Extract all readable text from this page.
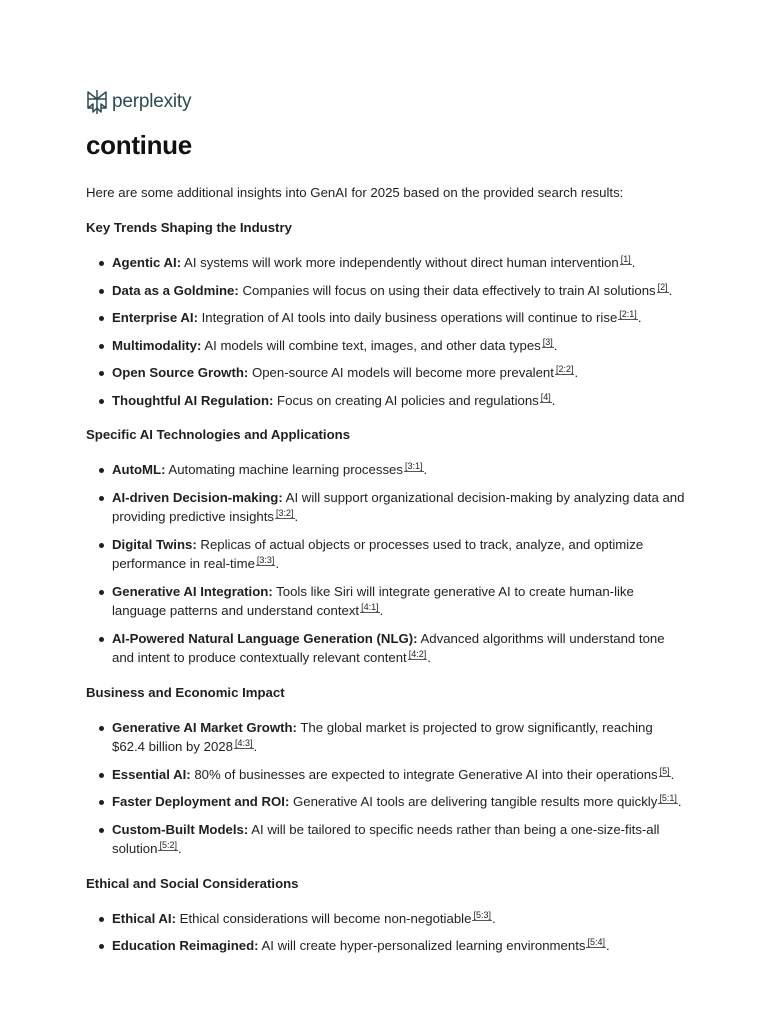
perplexity
continue

Here are some additional insights into GenAI for 2025 based on the provided search results:

Key Trends Shaping the Industry
Agentic AI: AI systems will work more independently without direct human intervention [1].
Data as a Goldmine: Companies will focus on using their data effectively to train AI solutions [2].
Enterprise AI: Integration of AI tools into daily business operations will continue to rise [2:1].
Multimodality: AI models will combine text, images, and other data types [3].
Open Source Growth: Open-source AI models will become more prevalent [2:2].
Thoughtful AI Regulation: Focus on creating AI policies and regulations [4].
Specific AI Technologies and Applications
AutoML: Automating machine learning processes [3:1].
AI-driven Decision-making: AI will support organizational decision-making by analyzing data and providing predictive insights [3:2].
Digital Twins: Replicas of actual objects or processes used to track, analyze, and optimize performance in real-time [3:3].
Generative AI Integration: Tools like Siri will integrate generative AI to create human-like language patterns and understand context [4:1].
AI-Powered Natural Language Generation (NLG): Advanced algorithms will understand tone and intent to produce contextually relevant content [4:2].
Business and Economic Impact
Generative AI Market Growth: The global market is projected to grow significantly, reaching $62.4 billion by 2028 [4:3].
Essential AI: 80% of businesses are expected to integrate Generative AI into their operations [5].
Faster Deployment and ROI: Generative AI tools are delivering tangible results more quickly [5:1].
Custom-Built Models: AI will be tailored to specific needs rather than being a one-size-fits-all solution [5:2].
Ethical and Social Considerations
Ethical AI: Ethical considerations will become non-negotiable [5:3].
Education Reimagined: AI will create hyper-personalized learning environments [5:4].
